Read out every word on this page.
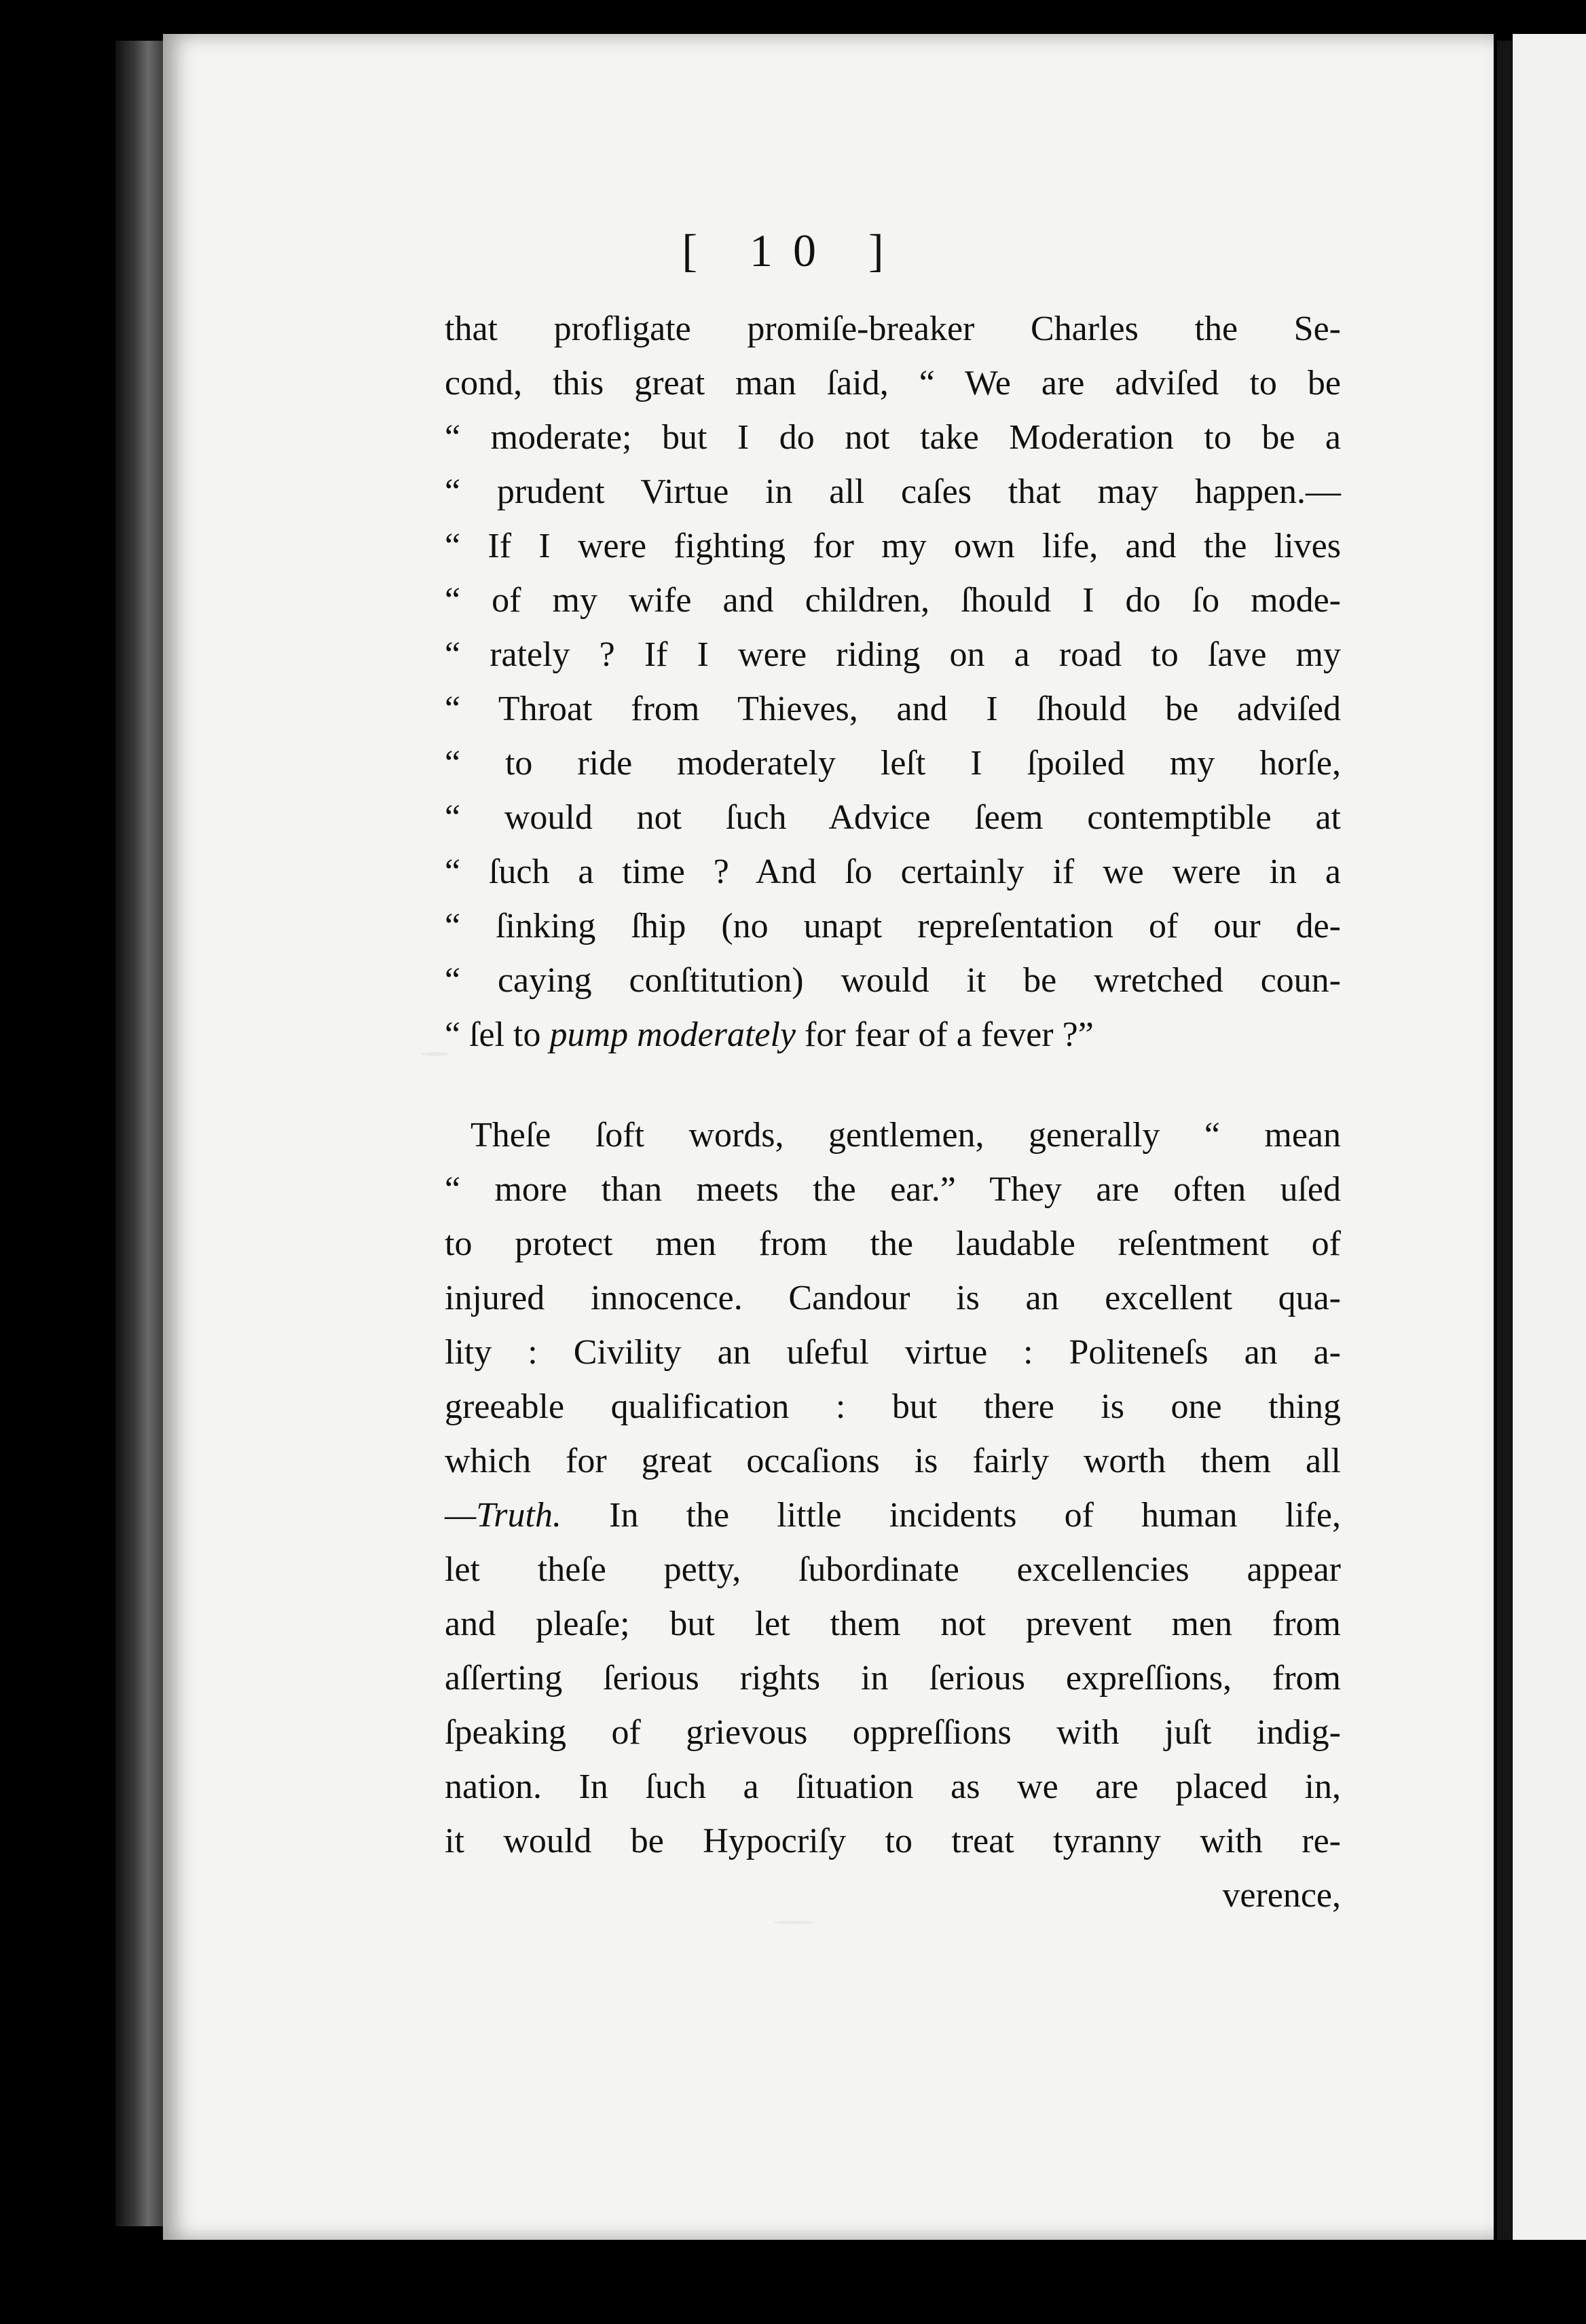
[ 10 ]
that profligate promiſe-breaker Charles the Se-
cond, this great man ſaid, “ We are adviſed to be
“ moderate; but I do not take Moderation to be a
“ prudent Virtue in all caſes that may happen.—
“ If I were fighting for my own life, and the lives
“ of my wife and children, ſhould I do ſo mode-
“ rately ? If I were riding on a road to ſave my
“ Throat from Thieves, and I ſhould be adviſed
“ to ride moderately leſt I ſpoiled my horſe,
“ would not ſuch Advice ſeem contemptible at
“ ſuch a time ? And ſo certainly if we were in a
“ ſinking ſhip (no unapt repreſentation of our de-
“ caying conſtitution) would it be wretched coun-
“ ſel to pump moderately for fear of a fever ?”
Theſe ſoft words, gentlemen, generally “ mean
“ more than meets the ear.” They are often uſed
to protect men from the laudable reſentment of
injured innocence. Candour is an excellent qua-
lity : Civility an uſeful virtue : Politeneſs an a-
greeable qualification : but there is one thing
which for great occaſions is fairly worth them all
—Truth. In the little incidents of human life,
let theſe petty, ſubordinate excellencies appear
and pleaſe; but let them not prevent men from
aſſerting ſerious rights in ſerious expreſſions, from
ſpeaking of grievous oppreſſions with juſt indig-
nation. In ſuch a ſituation as we are placed in,
it would be Hypocriſy to treat tyranny with re-
verence,
